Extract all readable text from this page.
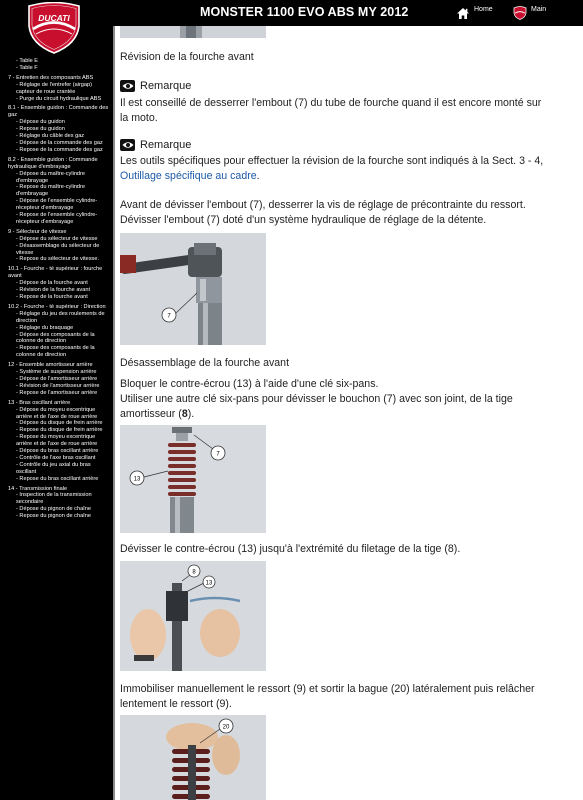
MONSTER 1100 EVO ABS MY 2012	Home	Main
- Table E
- Table F
7 - Entretien des composants ABS
- Réglage de l'entrefer (airgap) capteur de roue crantée
- Purge du circuit hydraulique ABS
8.1 - Ensemble guidon : Commande des gaz
- Dépose du guidon
- Repose du guidon
- Réglage du câble des gaz
- Dépose de la commande des gaz
- Repose de la commande des gaz
8.2 - Ensemble guidon : Commande hydraulique d'embrayage
- Dépose du maître-cylindre d'embrayage
- Repose du maître-cylindre d'embrayage
- Dépose de l'ensemble cylindre-récepteur d'embrayage
- Repose de l'ensemble cylindre-récepteur d'embrayage
9 - Sélecteur de vitesse
- Dépose du sélecteur de vitesse
- Désassemblage du sélecteur de vitesse
- Repose du sélecteur de vitesse.
10.1 - Fourche - té supérieur : fourche avant
- Dépose de la fourche avant
- Révision de la fourche avant
- Repose de la fourche avant
10.2 - Fourche - té supérieur : Direction
- Réglage du jeu des roulements de direction
- Réglage du braquage
- Dépose des composants de la colonne de direction
- Repose des composants de la colonne de direction
12 - Ensemble amortisseur arrière
- Système de suspension arrière
- Dépose de l'amortisseur arrière
- Révision de l'amortisseur arrière
- Repose de l'amortisseur arrière
13 - Bras oscillant arrière
- Dépose du moyeu excentrique arrière et de l'axe de roue arrière
- Dépose du disque de frein arrière
- Repose du disque de frein arrière
- Repose du moyeu excentrique arrière et de l'axe de roue arrière
- Dépose du bras oscillant arrière
- Contrôle de l'axe bras oscillant
- Contrôle du jeu axial du bras oscillant
- Repose du bras oscillant arrière
14 - Transmission finale
- Inspection de la transmission secondaire
- Dépose du pignon de chaîne
- Repose du pignon de chaîne
DUCATI
Révision de la fourche avant
Remarque
Il est conseillé de desserrer l'embout (7) du tube de fourche quand il est encore monté sur
la moto.
Remarque
Les outils spécifiques pour effectuer la révision de la fourche sont indiqués à la Sect. 3 - 4,
Outillage spécifique au cadre.
Avant de dévisser l'embout (7), desserrer la vis de réglage de précontrainte du ressort.
Dévisser l'embout (7) doté d'un système hydraulique de réglage de la détente.
7
Désassemblage de la fourche avant
Bloquer le contre-écrou (13) à l'aide d'une clé six-pans.
Utiliser une autre clé six-pans pour dévisser le bouchon (7) avec son joint, de la tige
amortisseur (8).
7
13
Dévisser le contre-écrou (13) jusqu'à l'extrémité du filetage de la tige (8).
8
13
Immobiliser manuellement le ressort (9) et sortir la bague (20) latéralement puis relâcher
lentement le ressort (9).
20
